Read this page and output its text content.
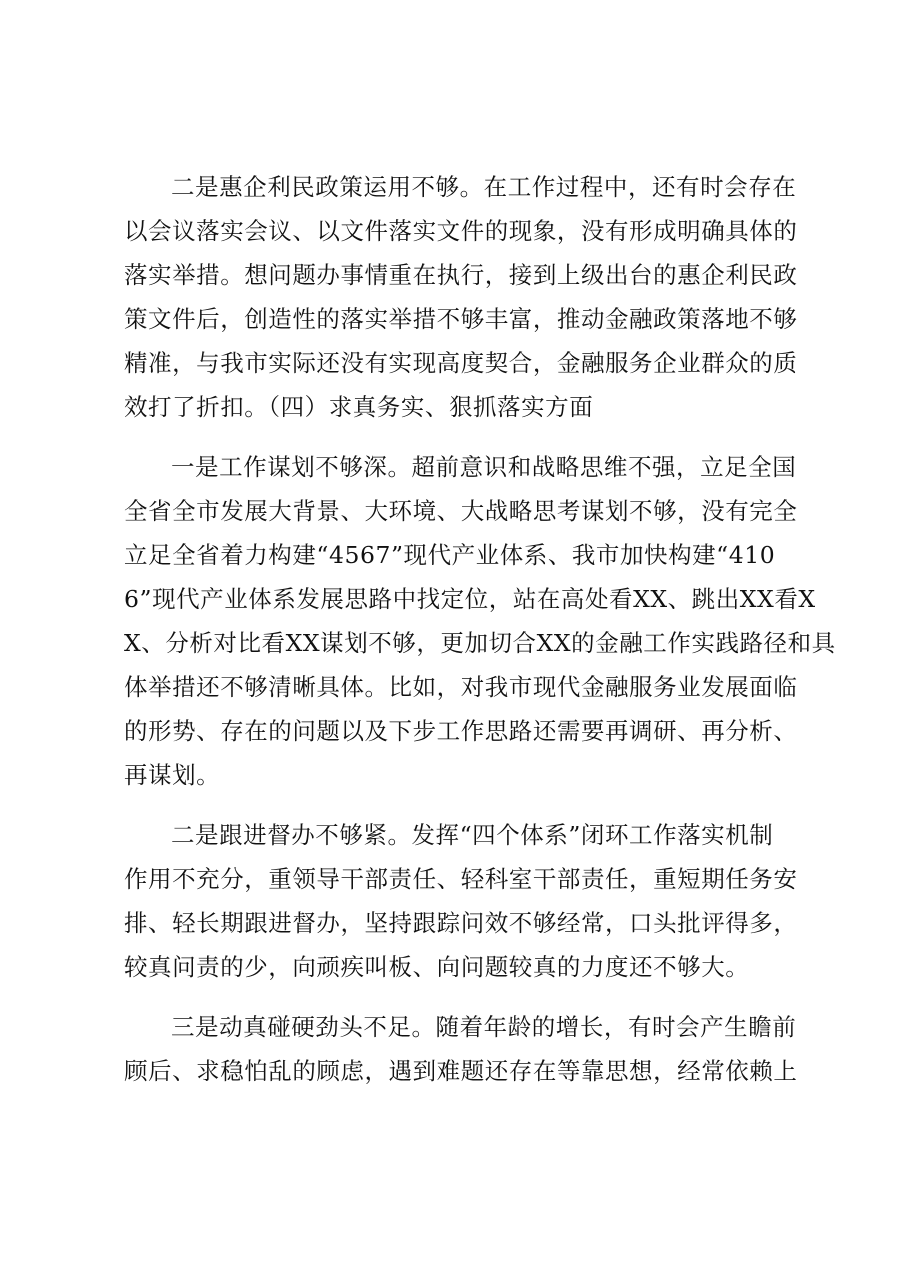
二是惠企利民政策运用不够。在工作过程中，还有时会存在
以会议落实会议、以文件落实文件的现象，没有形成明确具体的
落实举措。想问题办事情重在执行，接到上级出台的惠企利民政
策文件后，创造性的落实举措不够丰富，推动金融政策落地不够
精准，与我市实际还没有实现高度契合，金融服务企业群众的质
效打了折扣。（四）求真务实、狠抓落实方面
一是工作谋划不够深。超前意识和战略思维不强，立足全国
全省全市发展大背景、大环境、大战略思考谋划不够，没有完全
立足全省着力构建“4567”现代产业体系、我市加快构建“410
6”现代产业体系发展思路中找定位，站在高处看XX、跳出XX看X
X、分析对比看XX谋划不够，更加切合XX的金融工作实践路径和具
体举措还不够清晰具体。比如，对我市现代金融服务业发展面临
的形势、存在的问题以及下步工作思路还需要再调研、再分析、
再谋划。
二是跟进督办不够紧。发挥“四个体系”闭环工作落实机制
作用不充分，重领导干部责任、轻科室干部责任，重短期任务安
排、轻长期跟进督办，坚持跟踪问效不够经常，口头批评得多，
较真问责的少，向顽疾叫板、向问题较真的力度还不够大。
三是动真碰硬劲头不足。随着年龄的增长，有时会产生瞻前
顾后、求稳怕乱的顾虑，遇到难题还存在等靠思想，经常依赖上
